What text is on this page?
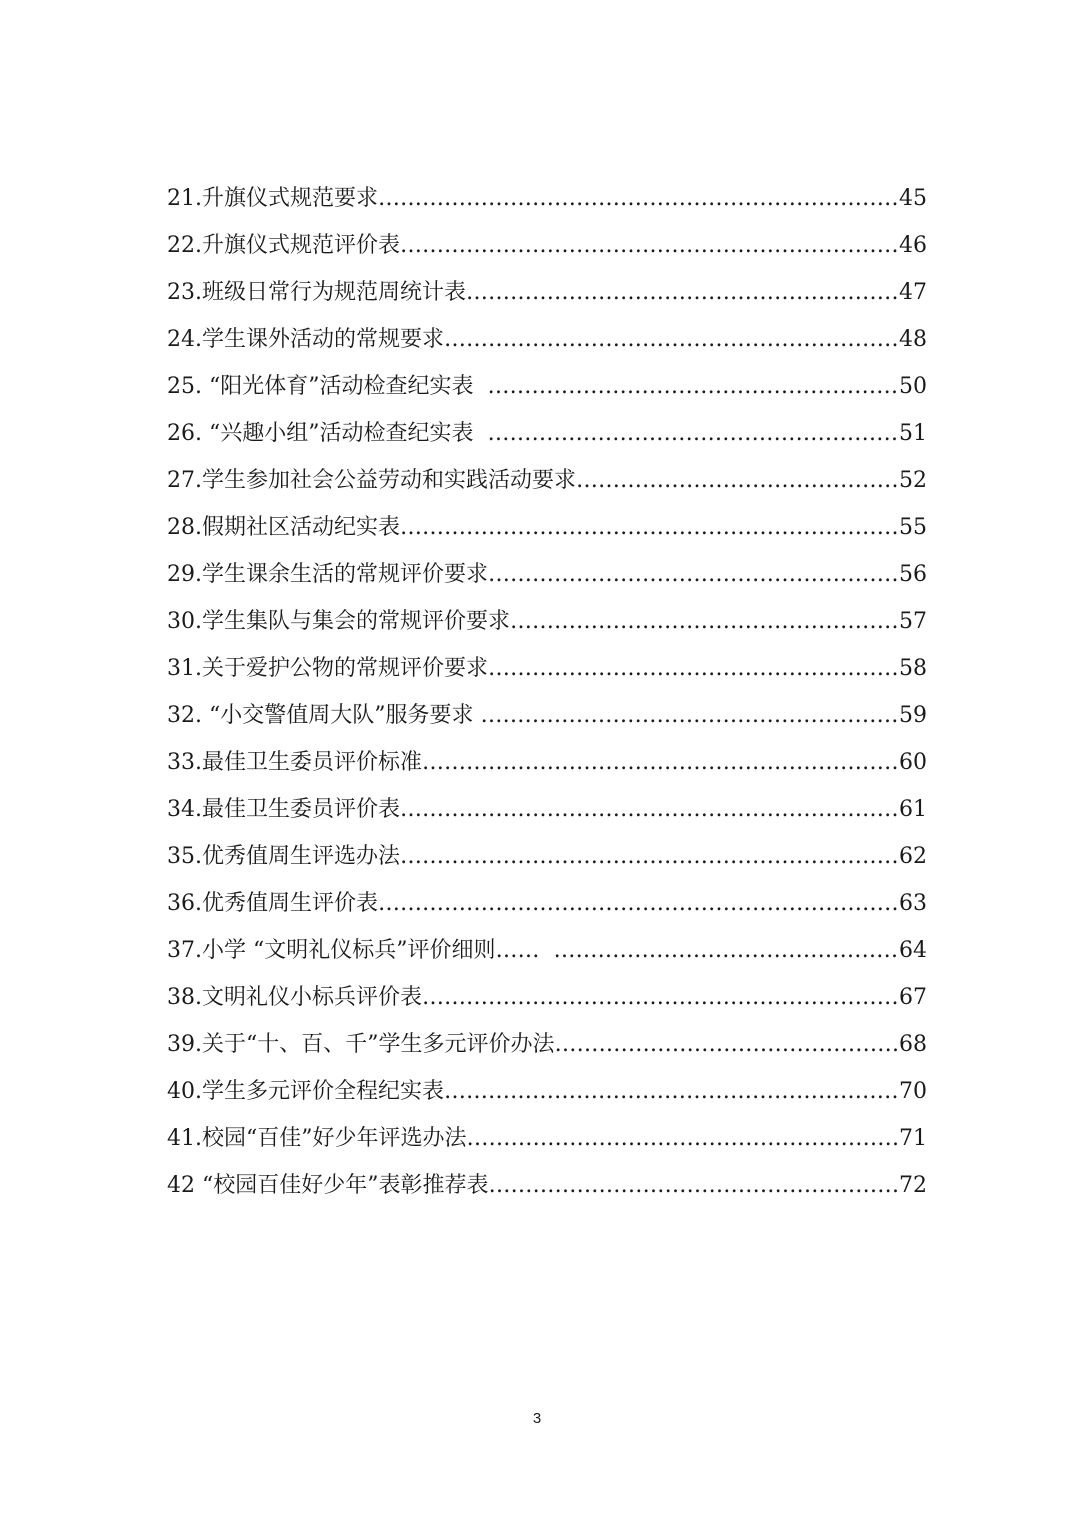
21.升旗仪式规范要求 ……………………………………………………………………………………………………………………………………	45
22.升旗仪式规范评价表 ……………………………………………………………………………………………………………………………………	46
23.班级日常行为规范周统计表 ……………………………………………………………………………………………………………………………………	47
24.学生课外活动的常规要求 ……………………………………………………………………………………………………………………………………	48
25. “阳光体育”活动检查纪实表 ……………………………………………………………………………………………………………………………………	50
26. “兴趣小组”活动检查纪实表 ……………………………………………………………………………………………………………………………………	51
27.学生参加社会公益劳动和实践活动要求 ……………………………………………………………………………………………………………………………………	52
28.假期社区活动纪实表 ……………………………………………………………………………………………………………………………………	55
29.学生课余生活的常规评价要求 ……………………………………………………………………………………………………………………………………	56
30.学生集队与集会的常规评价要求 ……………………………………………………………………………………………………………………………………	57
31.关于爱护公物的常规评价要求 ……………………………………………………………………………………………………………………………………	58
32. “小交警值周大队”服务要求 ……………………………………………………………………………………………………………………………………	59
33.最佳卫生委员评价标准 ……………………………………………………………………………………………………………………………………	60
34.最佳卫生委员评价表 ……………………………………………………………………………………………………………………………………	61
35.优秀值周生评选办法 ……………………………………………………………………………………………………………………………………	62
36.优秀值周生评价表 ……………………………………………………………………………………………………………………………………	63
37.小学 “文明礼仪标兵”评价细则…… ……………………………………………………………………………………………………………………………………	64
38.文明礼仪小标兵评价表 ……………………………………………………………………………………………………………………………………	67
39.关于“十、百、千”学生多元评价办法 ……………………………………………………………………………………………………………………………………	68
40.学生多元评价全程纪实表 ……………………………………………………………………………………………………………………………………	70
41.校园“百佳”好少年评选办法 ……………………………………………………………………………………………………………………………………	71
42 “校园百佳好少年”表彰推荐表 ……………………………………………………………………………………………………………………………………	72
3
